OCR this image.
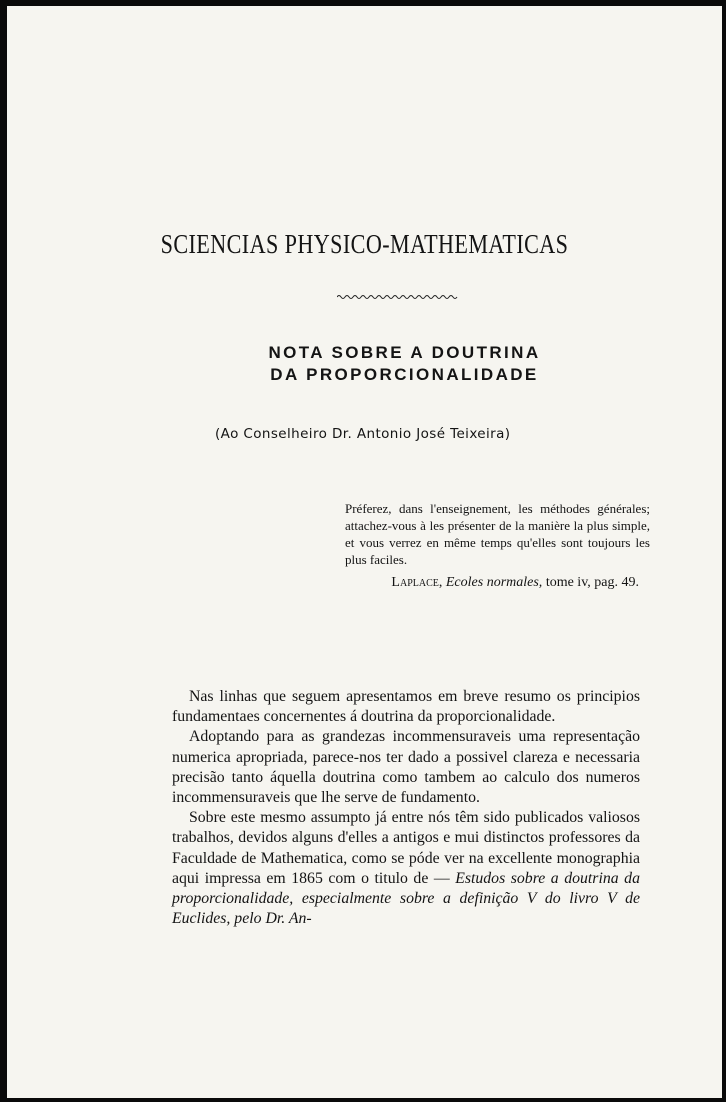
SCIENCIAS PHYSICO-MATHEMATICAS
NOTA SOBRE A DOUTRINA
DA PROPORCIONALIDADE
(Ao Conselheiro Dr. Antonio José Teixeira)
Préferez, dans l'enseignement, les méthodes générales; attachez-vous à les présenter de la manière la plus simple, et vous verrez en même temps qu'elles sont toujours les plus faciles.
Laplace, Ecoles normales, tome iv, pag. 49.

Nas linhas que seguem apresentamos em breve resumo os principios fundamentaes concernentes á doutrina da proporcionalidade.

Adoptando para as grandezas incommensuraveis uma representação numerica apropriada, parece-nos ter dado a possivel clareza e necessaria precisão tanto áquella doutrina como tambem ao calculo dos numeros incommensuraveis que lhe serve de fundamento.

Sobre este mesmo assumpto já entre nós têm sido publicados valiosos trabalhos, devidos alguns d'elles a antigos e mui distinctos professores da Faculdade de Mathematica, como se póde ver na excellente monographia aqui impressa em 1865 com o titulo de — Estudos sobre a doutrina da proporcionalidade, especialmente sobre a definição V do livro V de Euclides, pelo Dr. An-
